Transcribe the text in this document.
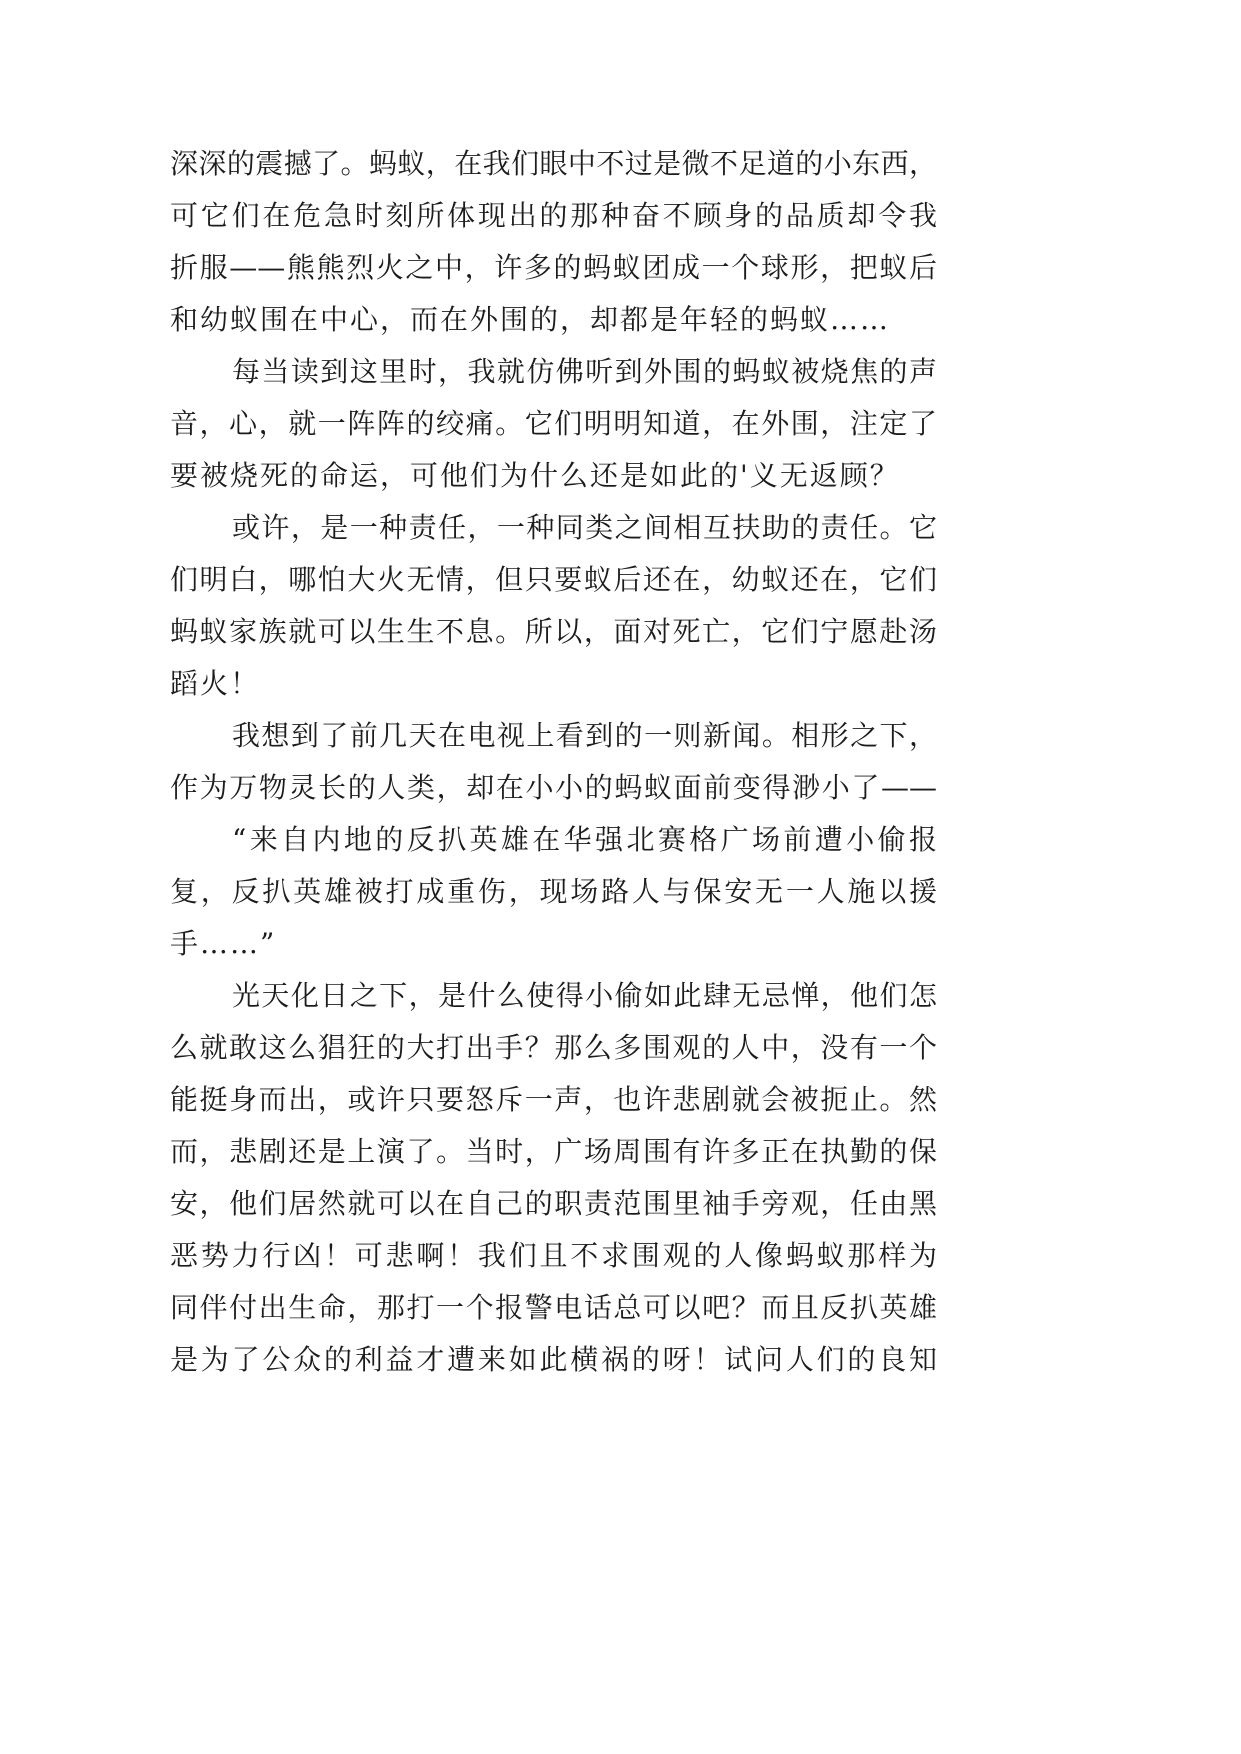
深深的震撼了。蚂蚁，在我们眼中不过是微不足道的小东西，
可它们在危急时刻所体现出的那种奋不顾身的品质却令我
折服——熊熊烈火之中，许多的蚂蚁团成一个球形，把蚁后
和幼蚁围在中心，而在外围的，却都是年轻的蚂蚁……
每当读到这里时，我就仿佛听到外围的蚂蚁被烧焦的声
音，心，就一阵阵的绞痛。它们明明知道，在外围，注定了
要被烧死的命运，可他们为什么还是如此的'义无返顾？
或许，是一种责任，一种同类之间相互扶助的责任。它
们明白，哪怕大火无情，但只要蚁后还在，幼蚁还在，它们
蚂蚁家族就可以生生不息。所以，面对死亡，它们宁愿赴汤
蹈火！
我想到了前几天在电视上看到的一则新闻。相形之下，
作为万物灵长的人类，却在小小的蚂蚁面前变得渺小了——
“来自内地的反扒英雄在华强北赛格广场前遭小偷报
复，反扒英雄被打成重伤，现场路人与保安无一人施以援
手……”
光天化日之下，是什么使得小偷如此肆无忌惮，他们怎
么就敢这么猖狂的大打出手？那么多围观的人中，没有一个
能挺身而出，或许只要怒斥一声，也许悲剧就会被扼止。然
而，悲剧还是上演了。当时，广场周围有许多正在执勤的保
安，他们居然就可以在自己的职责范围里袖手旁观，任由黑
恶势力行凶！可悲啊！我们且不求围观的人像蚂蚁那样为
同伴付出生命，那打一个报警电话总可以吧？而且反扒英雄
是为了公众的利益才遭来如此横祸的呀！试问人们的良知
